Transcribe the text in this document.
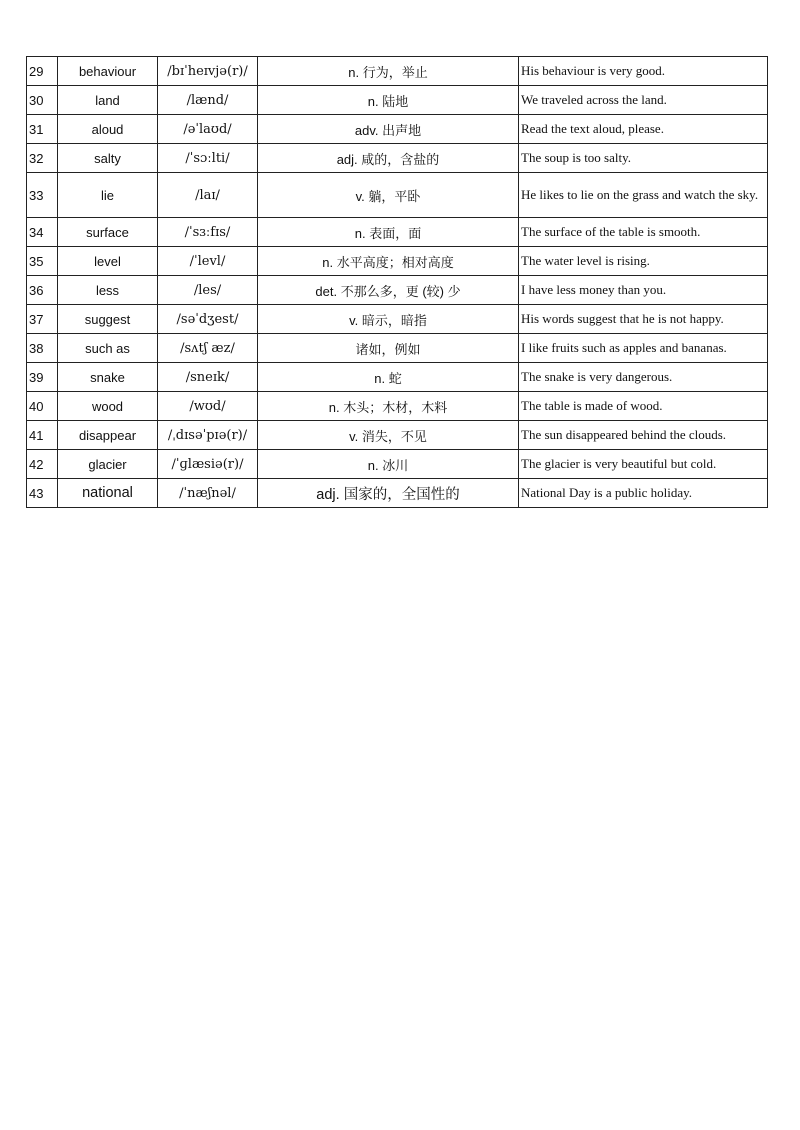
29	behaviour	/bɪˈheɪvjə(r)/	n. 行为，举止	His behaviour is very good.
30	land	/lænd/	n. 陆地	We traveled across the land.
31	aloud	/əˈlaʊd/	adv. 出声地	Read the text aloud, please.
32	salty	/ˈsɔːlti/	adj. 咸的，含盐的	The soup is too salty.
33	lie	/laɪ/	v. 躺，平卧	He likes to lie on the grass and watch the sky.
34	surface	/ˈsɜːfɪs/	n. 表面，面	The surface of the table is smooth.
35	level	/ˈlevl/	n. 水平高度；相对高度	The water level is rising.
36	less	/les/	det. 不那么多，更 (较) 少	I have less money than you.
37	suggest	/səˈdʒest/	v. 暗示，暗指	His words suggest that he is not happy.
38	such as	/sʌtʃ æz/	诸如，例如	I like fruits such as apples and bananas.
39	snake	/sneɪk/	n. 蛇	The snake is very dangerous.
40	wood	/wʊd/	n. 木头；木材，木料	The table is made of wood.
41	disappear	/ˌdɪsəˈpɪə(r)/	v. 消失，不见	The sun disappeared behind the clouds.
42	glacier	/ˈɡlæsiə(r)/	n. 冰川	The glacier is very beautiful but cold.
43	national	/ˈnæʃnəl/	adj. 国家的，全国性的	National Day is a public holiday.
